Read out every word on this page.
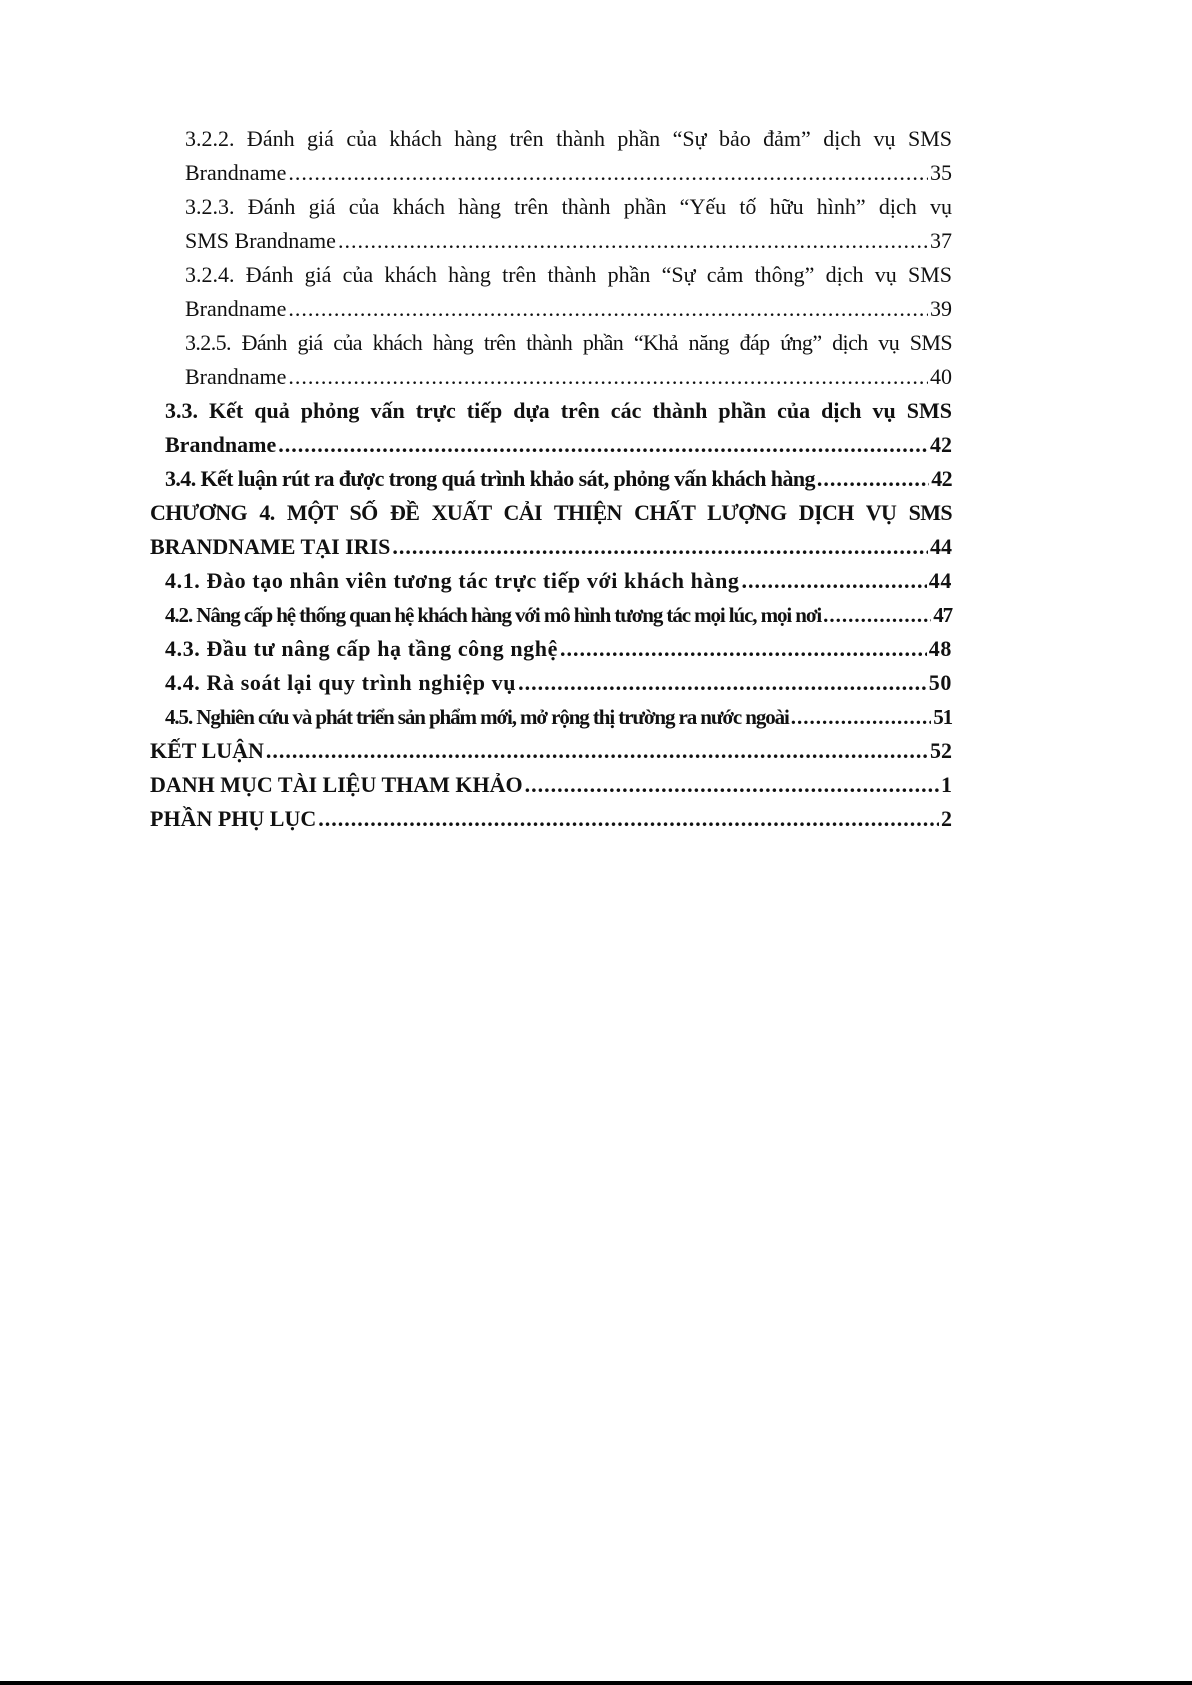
3.2.2. Đánh giá của khách hàng trên thành phần “Sự bảo đảm” dịch vụ SMS
Brandname .....	35
3.2.3. Đánh giá của khách hàng trên thành phần “Yếu tố hữu hình” dịch vụ
SMS Brandname .....	37
3.2.4. Đánh giá của khách hàng trên thành phần “Sự cảm thông” dịch vụ SMS
Brandname .....	39
3.2.5. Đánh giá của khách hàng trên thành phần “Khả năng đáp ứng” dịch vụ SMS
Brandname .....	40
3.3. Kết quả phỏng vấn trực tiếp dựa trên các thành phần của dịch vụ SMS
Brandname .....	42
3.4. Kết luận rút ra được trong quá trình khảo sát, phỏng vấn khách hàng .....	42
CHƯƠNG 4. MỘT SỐ ĐỀ XUẤT CẢI THIỆN CHẤT LƯỢNG DỊCH VỤ SMS
BRANDNAME TẠI IRIS .....	44
4.1. Đào tạo nhân viên tương tác trực tiếp với khách hàng .....	44
4.2. Nâng cấp hệ thống quan hệ khách hàng với mô hình tương tác mọi lúc, mọi nơi .....	47
4.3. Đầu tư nâng cấp hạ tầng công nghệ .....	48
4.4. Rà soát lại quy trình nghiệp vụ .....	50
4.5. Nghiên cứu và phát triển sản phẩm mới, mở rộng thị trường ra nước ngoài .....	51
KẾT LUẬN .....	52
DANH MỤC TÀI LIỆU THAM KHẢO .....	1
PHẦN PHỤ LỤC .....	2
